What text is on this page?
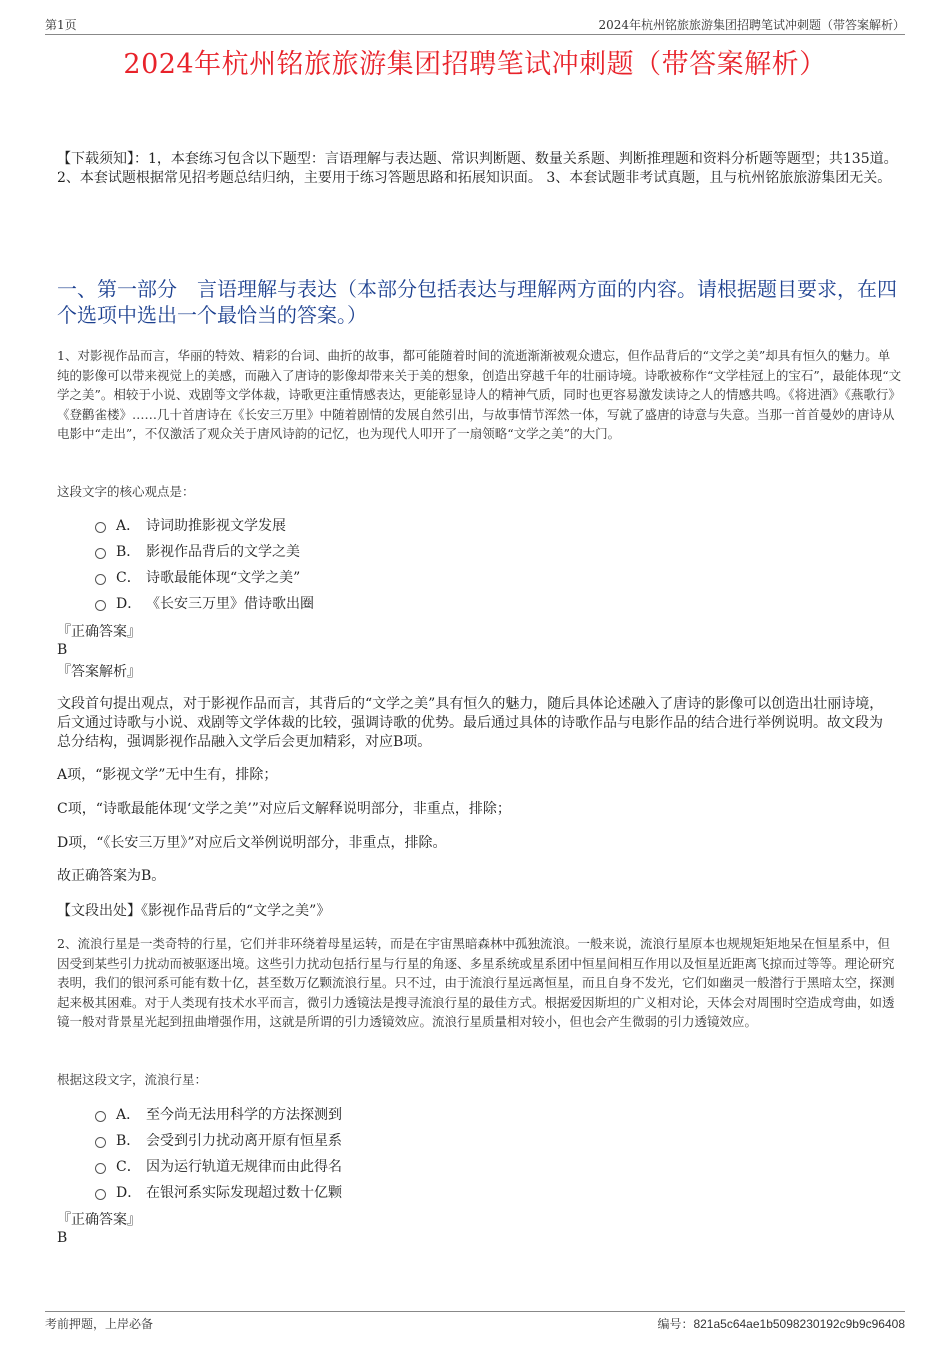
第1页	2024年杭州铭旅旅游集团招聘笔试冲刺题（带答案解析）
2024年杭州铭旅旅游集团招聘笔试冲刺题（带答案解析）
【下载须知】：1，本套练习包含以下题型：言语理解与表达题、常识判断题、数量关系题、判断推理题和资料分析题等题型；共135道。 2、本套试题根据常见招考题总结归纳，主要用于练习答题思路和拓展知识面。 3、本套试题非考试真题，且与杭州铭旅旅游集团无关。
一、第一部分　言语理解与表达（本部分包括表达与理解两方面的内容。请根据题目要求，在四个选项中选出一个最恰当的答案。）
1、对影视作品而言，华丽的特效、精彩的台词、曲折的故事，都可能随着时间的流逝渐渐被观众遗忘，但作品背后的“文学之美”却具有恒久的魅力。单纯的影像可以带来视觉上的美感，而融入了唐诗的影像却带来关于美的想象，创造出穿越千年的壮丽诗境。诗歌被称作“文学桂冠上的宝石”，最能体现“文学之美”。相较于小说、戏剧等文学体裁，诗歌更注重情感表达，更能彰显诗人的精神气质，同时也更容易激发读诗之人的情感共鸣。《将进酒》《燕歌行》《登鹳雀楼》……几十首唐诗在《长安三万里》中随着剧情的发展自然引出，与故事情节浑然一体，写就了盛唐的诗意与失意。当那一首首曼妙的唐诗从电影中“走出”，不仅激活了观众关于唐风诗韵的记忆，也为现代人叩开了一扇领略“文学之美”的大门。
这段文字的核心观点是：
A． 诗词助推影视文学发展
B． 影视作品背后的文学之美
C． 诗歌最能体现“文学之美”
D． 《长安三万里》借诗歌出圈
『正确答案』
B
『答案解析』
文段首句提出观点，对于影视作品而言，其背后的“文学之美”具有恒久的魅力，随后具体论述融入了唐诗的影像可以创造出壮丽诗境，后文通过诗歌与小说、戏剧等文学体裁的比较，强调诗歌的优势。最后通过具体的诗歌作品与电影作品的结合进行举例说明。故文段为总分结构，强调影视作品融入文学后会更加精彩，对应B项。
A项，“影视文学”无中生有，排除；
C项，“诗歌最能体现‘文学之美’”对应后文解释说明部分，非重点，排除；
D项，“《长安三万里》”对应后文举例说明部分，非重点，排除。
故正确答案为B。
【文段出处】《影视作品背后的“文学之美”》
2、流浪行星是一类奇特的行星，它们并非环绕着母星运转，而是在宇宙黑暗森林中孤独流浪。一般来说，流浪行星原本也规规矩矩地呆在恒星系中，但因受到某些引力扰动而被驱逐出境。这些引力扰动包括行星与行星的角逐、多星系统或星系团中恒星间相互作用以及恒星近距离飞掠而过等等。理论研究表明，我们的银河系可能有数十亿，甚至数万亿颗流浪行星。只不过，由于流浪行星远离恒星，而且自身不发光，它们如幽灵一般潜行于黑暗太空，探测起来极其困难。对于人类现有技术水平而言，微引力透镜法是搜寻流浪行星的最佳方式。根据爱因斯坦的广义相对论，天体会对周围时空造成弯曲，如透镜一般对背景星光起到扭曲增强作用，这就是所谓的引力透镜效应。流浪行星质量相对较小，但也会产生微弱的引力透镜效应。
根据这段文字，流浪行星：
A． 至今尚无法用科学的方法探测到
B． 会受到引力扰动离开原有恒星系
C． 因为运行轨道无规律而由此得名
D． 在银河系实际发现超过数十亿颗
『正确答案』
B
考前押题，上岸必备	编号：821a5c64ae1b5098230192c9b9c96408
